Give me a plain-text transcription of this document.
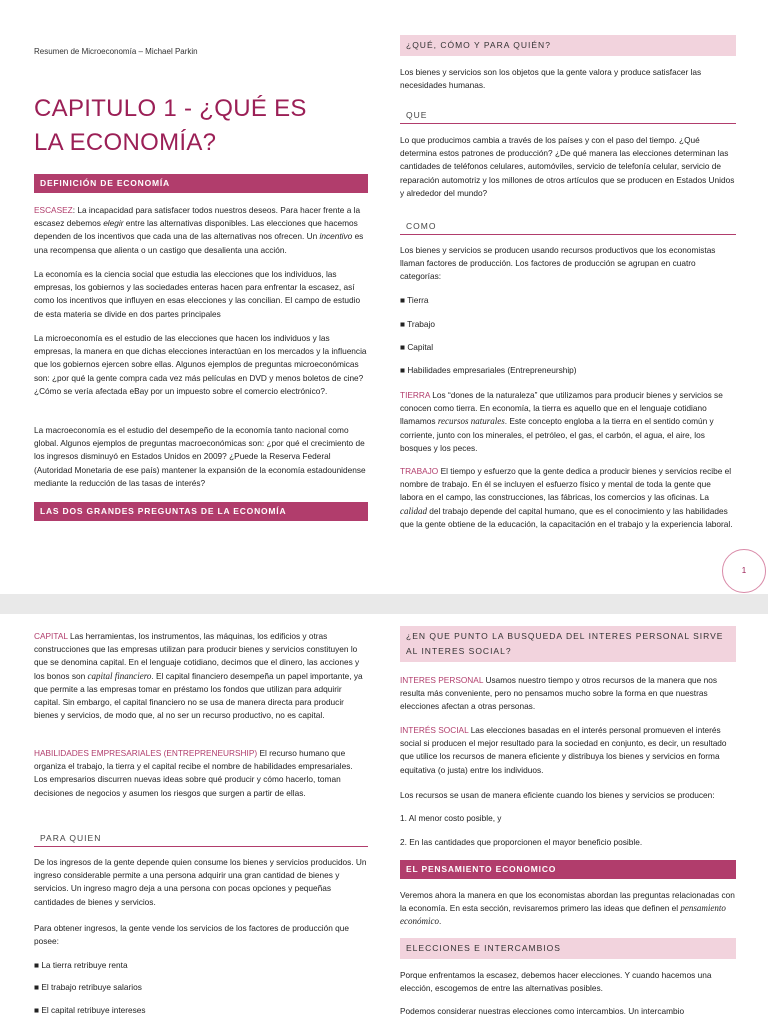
Resumen de Microeconomía – Michael Parkin
CAPITULO 1 - ¿QUÉ ES LA ECONOMÍA?
DEFINICIÓN DE ECONOMÍA

ESCASEZ: La incapacidad para satisfacer todos nuestros deseos. Para hacer frente a la escasez debemos elegir entre las alternativas disponibles. Las elecciones que hacemos dependen de los incentivos que cada una de las alternativas nos ofrecen. Un incentivo es una recompensa que alienta o un castigo que desalienta una acción.

La economía es la ciencia social que estudia las elecciones que los individuos, las empresas, los gobiernos y las sociedades enteras hacen para enfrentar la escasez, así como los incentivos que influyen en esas elecciones y las concilian. El campo de estudio de esta materia se divide en dos partes principales

La microeconomía es el estudio de las elecciones que hacen los individuos y las empresas, la manera en que dichas elecciones interactúan en los mercados y la influencia que los gobiernos ejercen sobre ellas. Algunos ejemplos de preguntas microeconómicas son: ¿por qué la gente compra cada vez más películas en DVD y menos boletos de cine? ¿Cómo se vería afectada eBay por un impuesto sobre el comercio electrónico?.

La macroeconomía es el estudio del desempeño de la economía tanto nacional como global. Algunos ejemplos de preguntas macroeconómicas son: ¿por qué el crecimiento de los ingresos disminuyó en Estados Unidos en 2009? ¿Puede la Reserva Federal (Autoridad Monetaria de ese país) mantener la expansión de la economía estadounidense mediante la reducción de las tasas de interés?

LAS DOS GRANDES PREGUNTAS DE LA ECONOMÍA
¿QUÉ, CÓMO Y PARA QUIÉN?

Los bienes y servicios son los objetos que la gente valora y produce satisfacer las necesidades humanas.

QUE

Lo que producimos cambia a través de los países y con el paso del tiempo. ¿Qué determina estos patrones de producción? ¿De qué manera las elecciones determinan las cantidades de teléfonos celulares, automóviles, servicio de telefonía celular, servicio de reparación automotriz y los millones de otros artículos que se producen en Estados Unidos y alrededor del mundo?

COMO

Los bienes y servicios se producen usando recursos productivos que los economistas llaman factores de producción. Los factores de producción se agrupan en cuatro categorías:

■ Tierra
■ Trabajo
■ Capital
■ Habilidades empresariales (Entrepreneurship)

TIERRA Los “dones de la naturaleza” que utilizamos para producir bienes y servicios se conocen como tierra. En economía, la tierra es aquello que en el lenguaje cotidiano llamamos recursos naturales. Este concepto engloba a la tierra en el sentido común y corriente, junto con los minerales, el petróleo, el gas, el carbón, el agua, el aire, los bosques y los peces.

TRABAJO El tiempo y esfuerzo que la gente dedica a producir bienes y servicios recibe el nombre de trabajo. En él se incluyen el esfuerzo físico y mental de toda la gente que labora en el campo, las construcciones, las fábricas, los comercios y las oficinas. La calidad del trabajo depende del capital humano, que es el conocimiento y las habilidades que la gente obtiene de la educación, la capacitación en el trabajo y la experiencia laboral.

1

CAPITAL Las herramientas, los instrumentos, las máquinas, los edificios y otras construcciones que las empresas utilizan para producir bienes y servicios constituyen lo que se denomina capital. En el lenguaje cotidiano, decimos que el dinero, las acciones y los bonos son capital financiero. El capital financiero desempeña un papel importante, ya que permite a las empresas tomar en préstamo los fondos que utilizan para adquirir capital. Sin embargo, el capital financiero no se usa de manera directa para producir bienes y servicios, de modo que, al no ser un recurso productivo, no es capital.

HABILIDADES EMPRESARIALES (ENTREPRENEURSHIP) El recurso humano que organiza el trabajo, la tierra y el capital recibe el nombre de habilidades empresariales. Los empresarios discurren nuevas ideas sobre qué producir y cómo hacerlo, toman decisiones de negocios y asumen los riesgos que surgen a partir de ellas.

PARA QUIEN

De los ingresos de la gente depende quien consume los bienes y servicios producidos. Un ingreso considerable permite a una persona adquirir una gran cantidad de bienes y servicios. Un ingreso magro deja a una persona con pocas opciones y pequeñas cantidades de bienes y servicios.

Para obtener ingresos, la gente vende los servicios de los factores de producción que posee:

■ La tierra retribuye renta
■ El trabajo retribuye salarios
■ El capital retribuye intereses
¿EN QUE PUNTO LA BUSQUEDA DEL INTERES PERSONAL SIRVE AL INTERES SOCIAL?

INTERES PERSONAL Usamos nuestro tiempo y otros recursos de la manera que nos resulta más conveniente, pero no pensamos mucho sobre la forma en que nuestras elecciones afectan a otras personas.

INTERÉS SOCIAL Las elecciones basadas en el interés personal promueven el interés social si producen el mejor resultado para la sociedad en conjunto, es decir, un resultado que utilice los recursos de manera eficiente y distribuya los bienes y servicios en forma equitativa (o justa) entre los individuos.

Los recursos se usan de manera eficiente cuando los bienes y servicios se producen:

1. Al menor costo posible, y
2. En las cantidades que proporcionen el mayor beneficio posible.
EL PENSAMIENTO ECONOMICO

Veremos ahora la manera en que los economistas abordan las preguntas relacionadas con la economía. En esta sección, revisaremos primero las ideas que definen el pensamiento económico.

ELECCIONES E INTERCAMBIOS

Porque enfrentamos la escasez, debemos hacer elecciones. Y cuando hacemos una elección, escogemos de entre las alternativas posibles.

Podemos considerar nuestras elecciones como intercambios. Un intercambio
